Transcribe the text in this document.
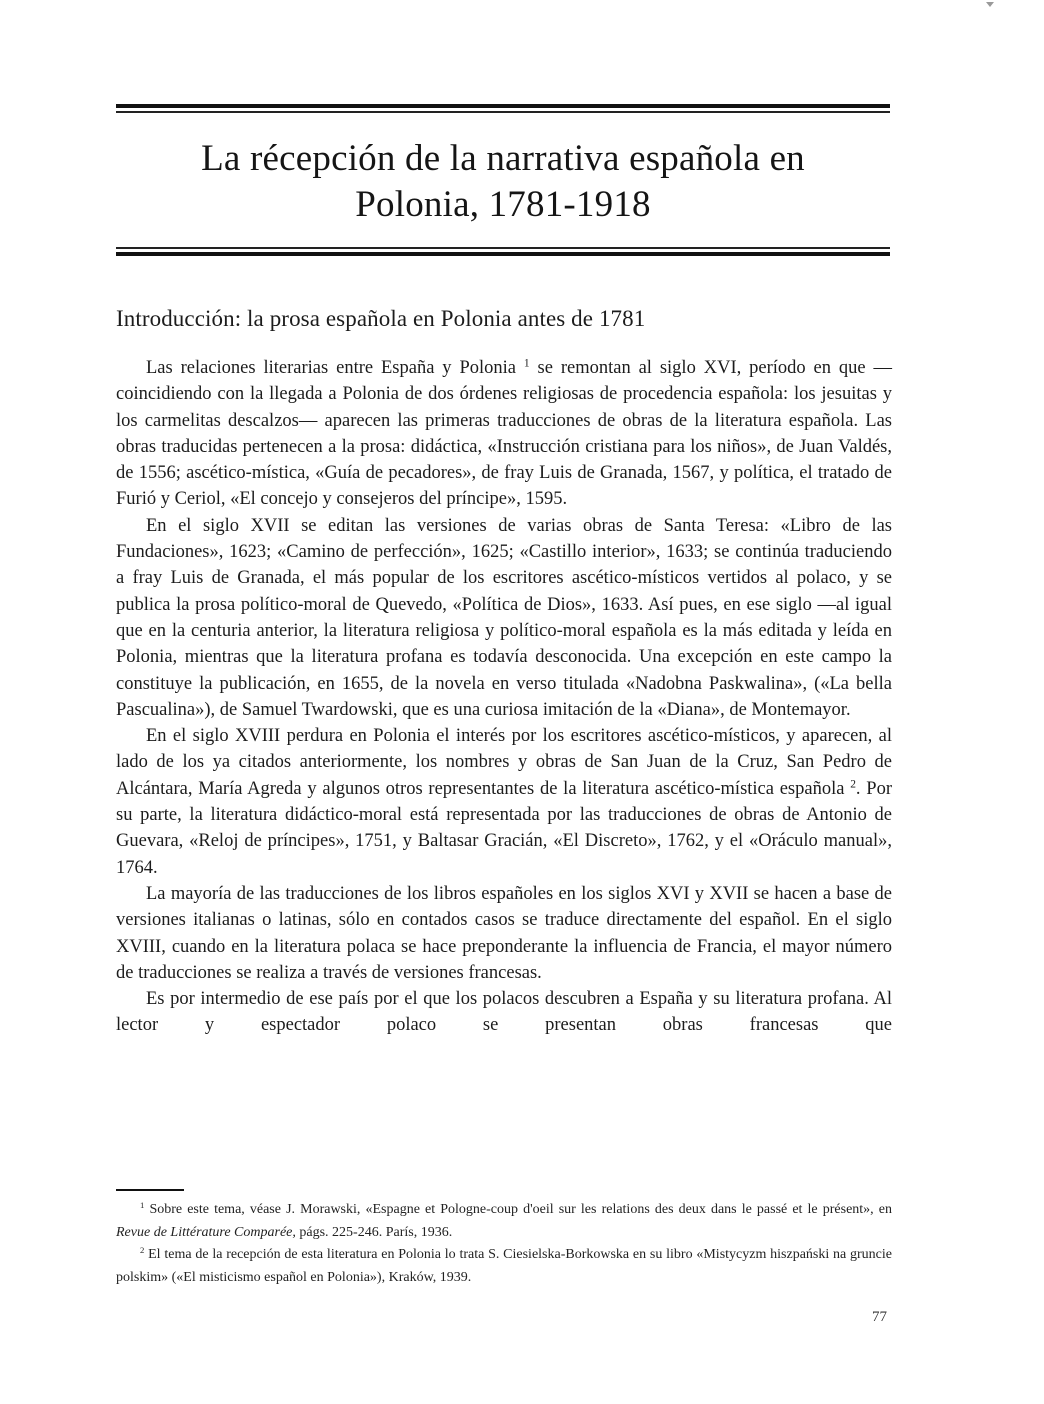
La récepción de la narrativa española en
Polonia, 1781-1918
Introducción: la prosa española en Polonia antes de 1781

Las relaciones literarias entre España y Polonia $^1$ se remontan al siglo XVI, período en que —coincidiendo con la llegada a Polonia de dos órdenes religiosas de procedencia española: los jesuitas y los carmelitas descalzos— aparecen las primeras traducciones de obras de la literatura española. Las obras traducidas pertenecen a la prosa: didáctica, «Instrucción cristiana para los niños», de Juan Valdés, de 1556; ascético-mística, «Guía de pecadores», de fray Luis de Granada, 1567, y política, el tratado de Furió y Ceriol, «El concejo y consejeros del príncipe», 1595.

En el siglo XVII se editan las versiones de varias obras de Santa Teresa: «Libro de las Fundaciones», 1623; «Camino de perfección», 1625; «Castillo interior», 1633; se continúa traduciendo a fray Luis de Granada, el más popular de los escritores ascético-místicos vertidos al polaco, y se publica la prosa político-moral de Quevedo, «Política de Dios», 1633. Así pues, en ese siglo —al igual que en la centuria anterior, la literatura religiosa y político-moral española es la más editada y leída en Polonia, mientras que la literatura profana es todavía desconocida. Una excepción en este campo la constituye la publicación, en 1655, de la novela en verso titulada «Nadobna Paskwalina», («La bella Pascualina»), de Samuel Twardowski, que es una curiosa imitación de la «Diana», de Montemayor.

En el siglo XVIII perdura en Polonia el interés por los escritores ascético-místicos, y aparecen, al lado de los ya citados anteriormente, los nombres y obras de San Juan de la Cruz, San Pedro de Alcántara, María Agreda y algunos otros representantes de la literatura ascético-mística española $^2$. Por su parte, la literatura didáctico-moral está representada por las traducciones de obras de Antonio de Guevara, «Reloj de príncipes», 1751, y Baltasar Gracián, «El Discreto», 1762, y el «Oráculo manual», 1764.

La mayoría de las traducciones de los libros españoles en los siglos XVI y XVII se hacen a base de versiones italianas o latinas, sólo en contados casos se traduce directamente del español. En el siglo XVIII, cuando en la literatura polaca se hace preponderante la influencia de Francia, el mayor número de traducciones se realiza a través de versiones francesas.

Es por intermedio de ese país por el que los polacos descubren a España y su literatura profana. Al lector y espectador polaco se presentan obras francesas que

$^1$ Sobre este tema, véase J. Morawski, «Espagne et Pologne-coup d'oeil sur les relations des deux dans le passé et le présent», en Revue de Littérature Comparée, págs. 225-246. París, 1936.

$^2$ El tema de la recepción de esta literatura en Polonia lo trata S. Ciesielska-Borkowska en su libro «Mistycyzm hiszpański na gruncie polskim» («El misticismo español en Polonia»), Kraków, 1939.

77
